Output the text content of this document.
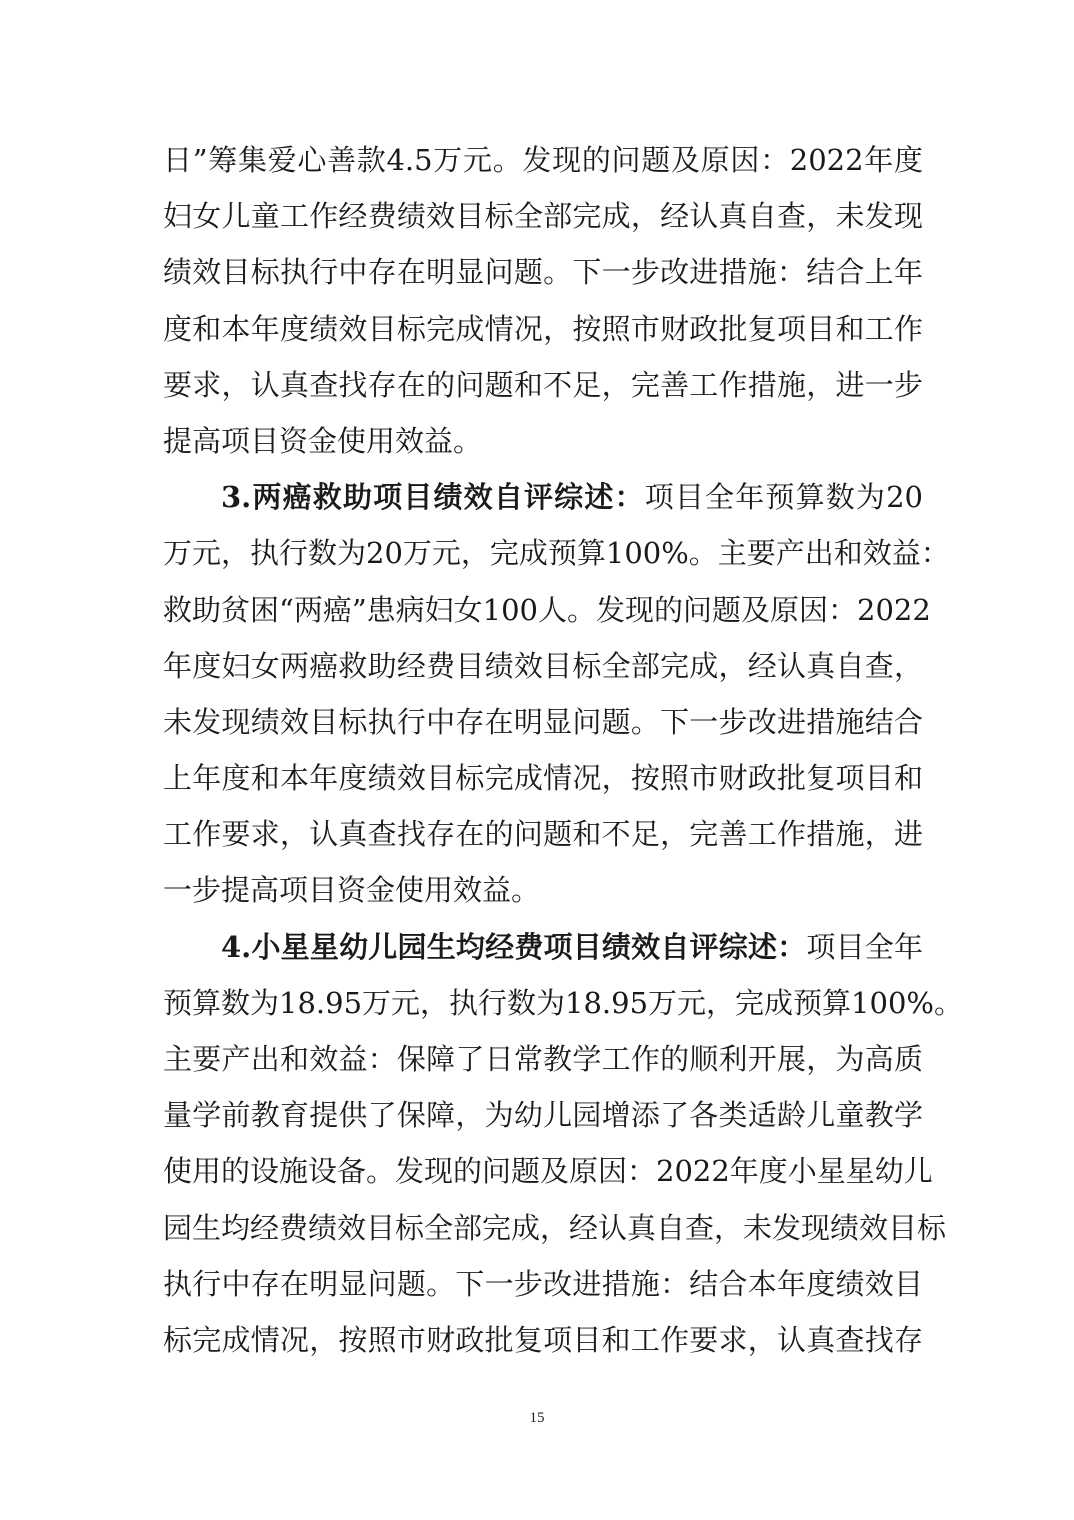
日”筹集爱心善款4.5万元。发现的问题及原因：2022年度
妇女儿童工作经费绩效目标全部完成，经认真自查，未发现
绩效目标执行中存在明显问题。下一步改进措施：结合上年
度和本年度绩效目标完成情况，按照市财政批复项目和工作
要求，认真查找存在的问题和不足，完善工作措施，进一步
提高项目资金使用效益。
3.两癌救助项目绩效自评综述：项目全年预算数为20
万元，执行数为20万元，完成预算100%。主要产出和效益：
救助贫困“两癌”患病妇女100人。发现的问题及原因：2022
年度妇女两癌救助经费目绩效目标全部完成，经认真自查，
未发现绩效目标执行中存在明显问题。下一步改进措施结合
上年度和本年度绩效目标完成情况，按照市财政批复项目和
工作要求，认真查找存在的问题和不足，完善工作措施，进
一步提高项目资金使用效益。
4.小星星幼儿园生均经费项目绩效自评综述：项目全年
预算数为18.95万元，执行数为18.95万元，完成预算100%。
主要产出和效益：保障了日常教学工作的顺利开展，为高质
量学前教育提供了保障，为幼儿园增添了各类适龄儿童教学
使用的设施设备。发现的问题及原因：2022年度小星星幼儿
园生均经费绩效目标全部完成，经认真自查，未发现绩效目标
执行中存在明显问题。下一步改进措施：结合本年度绩效目
标完成情况，按照市财政批复项目和工作要求，认真查找存
15
